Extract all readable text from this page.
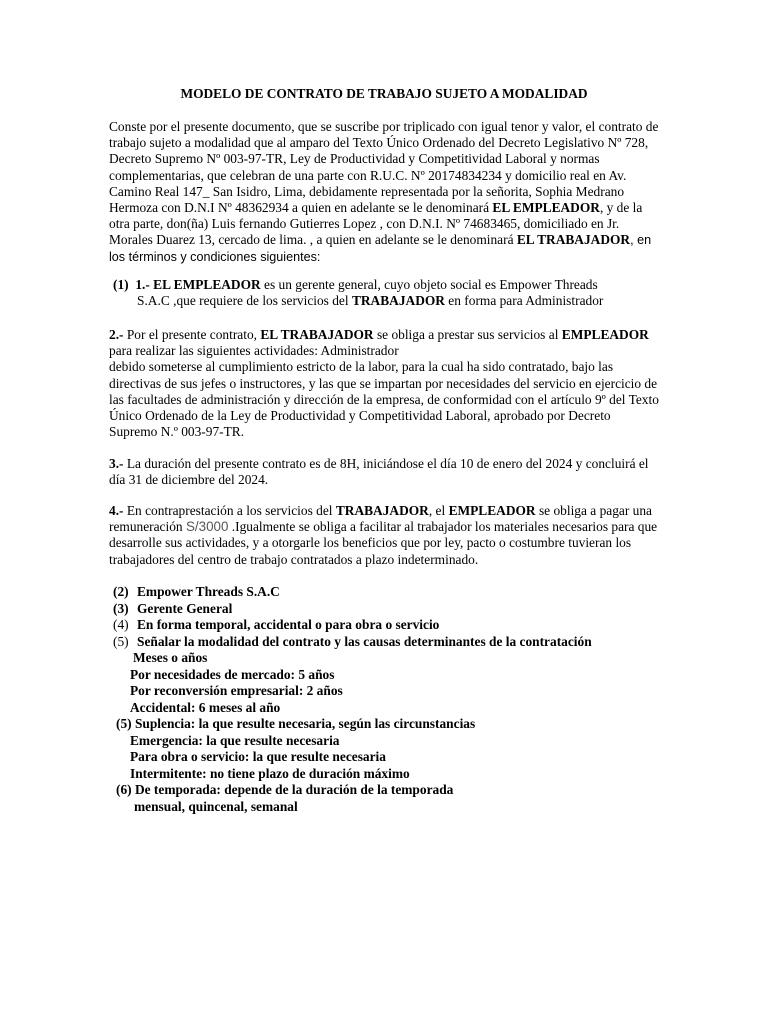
MODELO DE CONTRATO DE TRABAJO SUJETO A MODALIDAD
Conste por el presente documento, que se suscribe por triplicado con igual tenor y valor, el contrato de trabajo sujeto a modalidad que al amparo del Texto Único Ordenado del Decreto Legislativo Nº 728, Decreto Supremo Nº 003-97-TR, Ley de Productividad y Competitividad Laboral y normas complementarias, que celebran de una parte con R.U.C. Nº 20174834234 y domicilio real en Av. Camino Real 147_ San Isidro, Lima, debidamente representada por la señorita, Sophia Medrano Hermoza con D.N.I Nº 48362934 a quien en adelante se le denominará EL EMPLEADOR, y de la otra parte, don(ña) Luis fernando Gutierres Lopez , con D.N.I. Nº 74683465, domiciliado en Jr. Morales Duarez 13, cercado de lima. , a quien en adelante se le denominará EL TRABAJADOR, en los términos y condiciones siguientes:
(1) 1.- EL EMPLEADOR es un gerente general, cuyo objeto social es Empower Threads
S.A.C ,que requiere de los servicios del TRABAJADOR en forma para Administrador
2.- Por el presente contrato, EL TRABAJADOR se obliga a prestar sus servicios al EMPLEADOR para realizar las siguientes actividades: Administrador
debido someterse al cumplimiento estricto de la labor, para la cual ha sido contratado, bajo las directivas de sus jefes o instructores, y las que se impartan por necesidades del servicio en ejercicio de las facultades de administración y dirección de la empresa, de conformidad con el artículo 9º del Texto Único Ordenado de la Ley de Productividad y Competitividad Laboral, aprobado por Decreto Supremo N.º 003-97-TR.
3.- La duración del presente contrato es de 8H, iniciándose el día 10 de enero del 2024 y concluirá el día 31 de diciembre del 2024.
4.- En contraprestación a los servicios del TRABAJADOR, el EMPLEADOR se obliga a pagar una remuneración S/3000 .Igualmente se obliga a facilitar al trabajador los materiales necesarios para que desarrolle sus actividades, y a otorgarle los beneficios que por ley, pacto o costumbre tuvieran los trabajadores del centro de trabajo contratados a plazo indeterminado.
(2) Empower Threads S.A.C
(3) Gerente General
(4) En forma temporal, accidental o para obra o servicio
(5) Señalar la modalidad del contrato y las causas determinantes de la contratación
Meses o años
Por necesidades de mercado: 5 años
Por reconversión empresarial: 2 años
Accidental: 6 meses al año
(5) Suplencia: la que resulte necesaria, según las circunstancias
Emergencia: la que resulte necesaria
Para obra o servicio: la que resulte necesaria
Intermitente: no tiene plazo de duración máximo
(6) De temporada: depende de la duración de la temporada
mensual, quincenal, semanal
